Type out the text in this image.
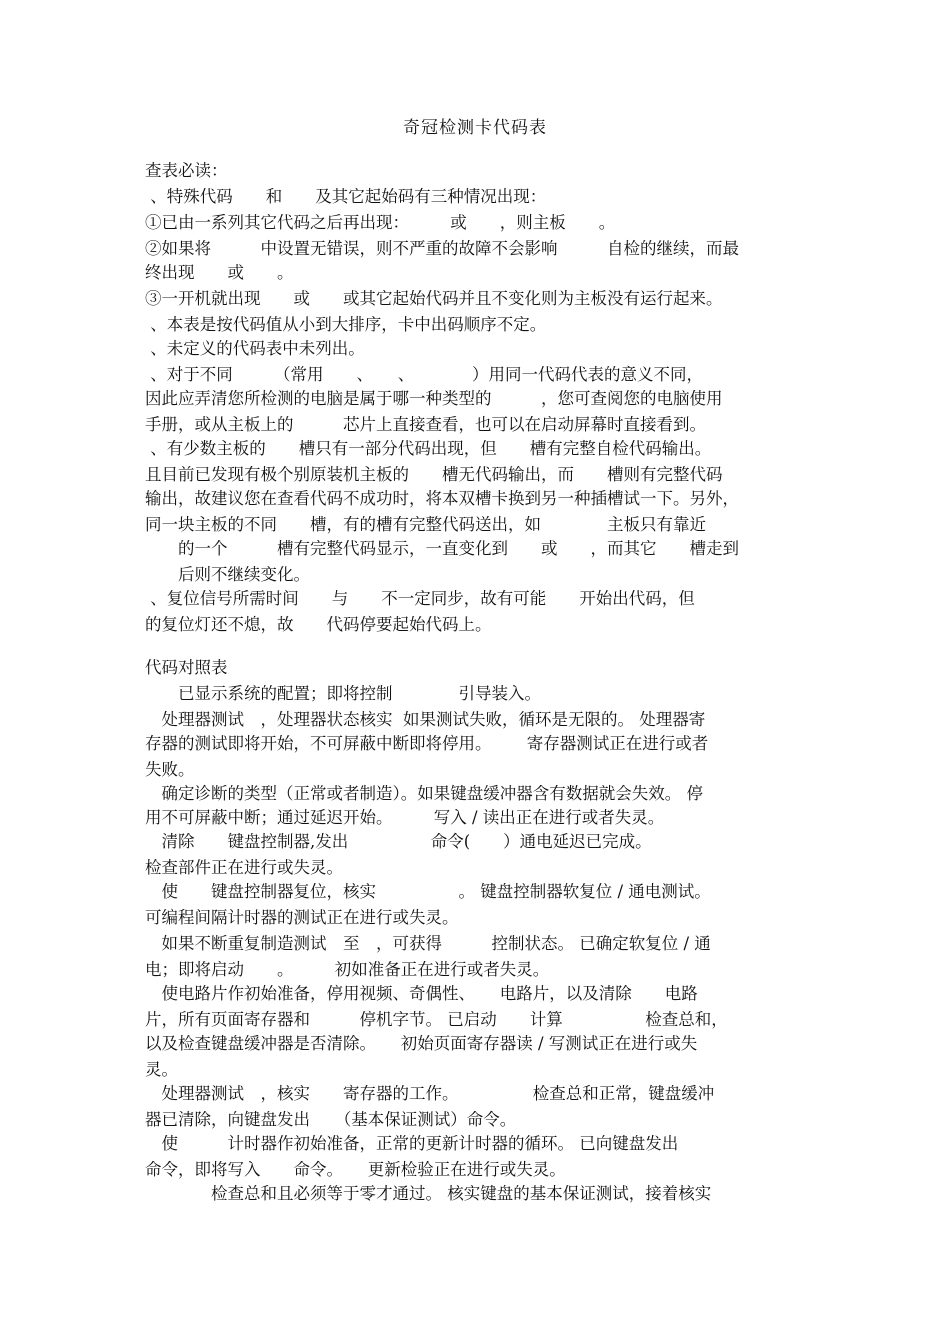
奇冠检测卡代码表
查表必读：
、特殊代码　　和　　及其它起始码有三种情况出现：
①已由一系列其它代码之后再出现：　　　或　　，则主板　　。
②如果将　　　中设置无错误，则不严重的故障不会影响　　　自检的继续，而最
终出现　　或　　。
③一开机就出现　　或　　或其它起始代码并且不变化则为主板没有运行起来。
、本表是按代码值从小到大排序，卡中出码顺序不定。
、未定义的代码表中未列出。
、对于不同　　　（常用　　、　　、　　　　）用同一代码代表的意义不同，
因此应弄清您所检测的电脑是属于哪一种类型的　　　，您可查阅您的电脑使用
手册，或从主板上的　　　芯片上直接查看，也可以在启动屏幕时直接看到。
、有少数主板的　　槽只有一部分代码出现，但　　槽有完整自检代码输出。
且目前已发现有极个别原装机主板的　　槽无代码输出，而　　槽则有完整代码
输出，故建议您在查看代码不成功时，将本双槽卡换到另一种插槽试一下。另外，
同一块主板的不同　　槽，有的槽有完整代码送出，如　　　　主板只有靠近
　　的一个　　　槽有完整代码显示，一直变化到　　或　　，而其它　　槽走到
　　后则不继续变化。
、复位信号所需时间　　与　　不一定同步，故有可能　　开始出代码，但
的复位灯还不熄，故　　代码停要起始代码上。
代码对照表
　　已显示系统的配置；即将控制　　　　引导装入。
　处理器测试　，处理器状态核实  如果测试失败，循环是无限的。 处理器寄
存器的测试即将开始，不可屏蔽中断即将停用。　　  寄存器测试正在进行或者
失败。
　确定诊断的类型（正常或者制造）。如果键盘缓冲器含有数据就会失效。 停
用不可屏蔽中断；通过延迟开始。　　　写入 / 读出正在进行或者失灵。
　清除　　键盘控制器,发出　　　　　命令(　　）通电延迟已完成。
检查部件正在进行或失灵。
　使　　键盘控制器复位，核实　　　　　。 键盘控制器软复位 / 通电测试。
可编程间隔计时器的测试正在进行或失灵。
　如果不断重复制造测试　至　，可获得　　　控制状态。 已确定软复位 / 通
电；即将启动　　。　　　初如准备正在进行或者失灵。
　使电路片作初始准备，停用视频、奇偶性、　　电路片，以及清除　　电路
片，所有页面寄存器和　　　停机字节。 已启动　　计算　　　　　检查总和，
以及检查键盘缓冲器是否清除。　　初始页面寄存器读 / 写测试正在进行或失
灵。
　处理器测试　，核实　　寄存器的工作。　　　　　检查总和正常，键盘缓冲
器已清除，向键盘发出　　（基本保证测试）命令。
　使　　　计时器作初始准备，正常的更新计时器的循环。 已向键盘发出
命令，即将写入　　命令。　　更新检验正在进行或失灵。
　　　　检查总和且必须等于零才通过。 核实键盘的基本保证测试，接着核实
